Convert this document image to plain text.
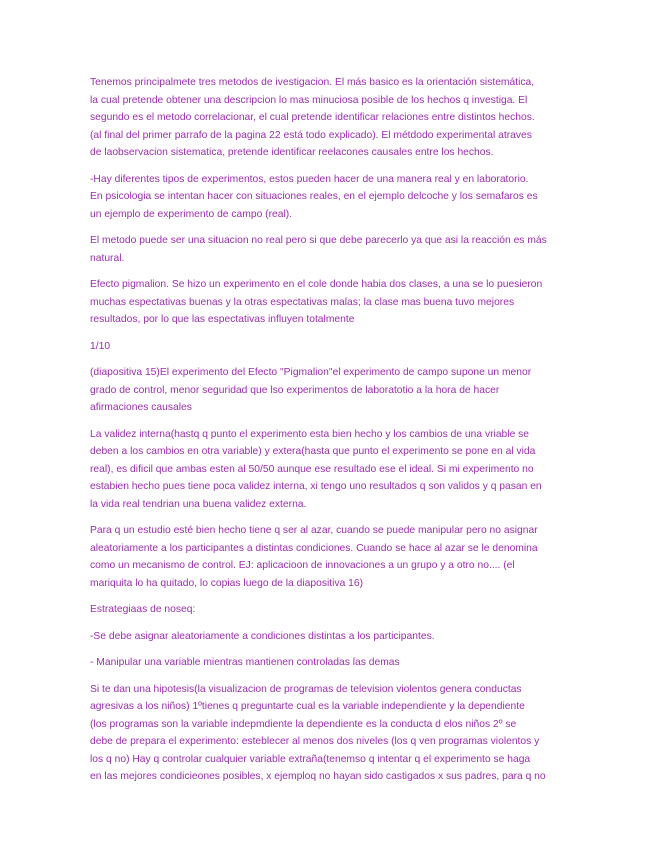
Tenemos principalmete tres metodos de ivestigacion. El más basico es la orientación sistemática,
la cual pretende obtener una descripcion lo mas minuciosa posible de los hechos q investiga. El
segundo es el metodo correlacionar, el cual pretende identificar relaciones entre distintos hechos.
(al final del primer parrafo de la pagina 22 está todo explicado). El métdodo experimental atraves
de laobservacion sistematica, pretende identificar reelacones causales entre los hechos.
-Hay diferentes tipos de experimentos, estos pueden hacer de una manera real y en laboratorio.
En psicologia se intentan hacer con situaciones reales, en el ejemplo delcoche y los semafaros es
un ejemplo de experimento de campo (real).
El metodo puede ser una situacion no real pero si que debe parecerlo ya que asi la reacción es más
natural.
Efecto pigmalion. Se hizo un experimento en el cole donde habia dos clases, a una se lo puesieron
muchas espectativas buenas y la otras espectativas malas; la clase mas buena tuvo mejores
resultados, por lo que las espectativas influyen totalmente
1/10
(diapositiva 15)El experimento del Efecto "Pigmalion"el experimento de campo supone un menor
grado de control, menor seguridad que lso experimentos de laboratotio a la hora de hacer
afirmaciones causales
La validez interna(hastq q punto el experimento esta bien hecho y los cambios de una vriable se
deben a los cambios en otra variable) y extera(hasta que punto el experimento se pone en al vida
real), es dificil que ambas esten al 50/50 aunque ese resultado ese el ideal. Si mi experimento no
estabien hecho pues tiene poca validez interna, xi tengo uno resultados q son validos y q pasan en
la vida real tendrian una buena validez externa.
Para q un estudio esté bien hecho tiene q ser al azar, cuando se puede manipular pero no asignar
aleatoriamente a los participantes a distintas condiciones. Cuando se hace al azar se le denomina
como un mecanismo de control. EJ: aplicacioon de innovaciones a un grupo y a otro no.... (el
mariquita lo ha quitado, lo copias luego de la diapositiva 16)
Estrategiaas de noseq:
-Se debe asignar aleatoriamente a condiciones distintas a los participantes.
- Manipular una variable mientras mantienen controladas las demas
Si te dan una hipotesis(la visualizacion de programas de television violentos genera conductas
agresivas a los niños) 1ºtienes q preguntarte cual es la variable independiente y la dependiente
(los programas son la variable indepmdiente la dependiente es la conducta d elos niños 2º se
debe de prepara el experimento: esteblecer al menos dos niveles (los q ven programas violentos y
los q no) Hay q controlar cualquier variable extraña(tenemso q intentar q el experimento se haga
en las mejores condicieones posibles, x ejemploq no hayan sido castigados x sus padres, para q no
